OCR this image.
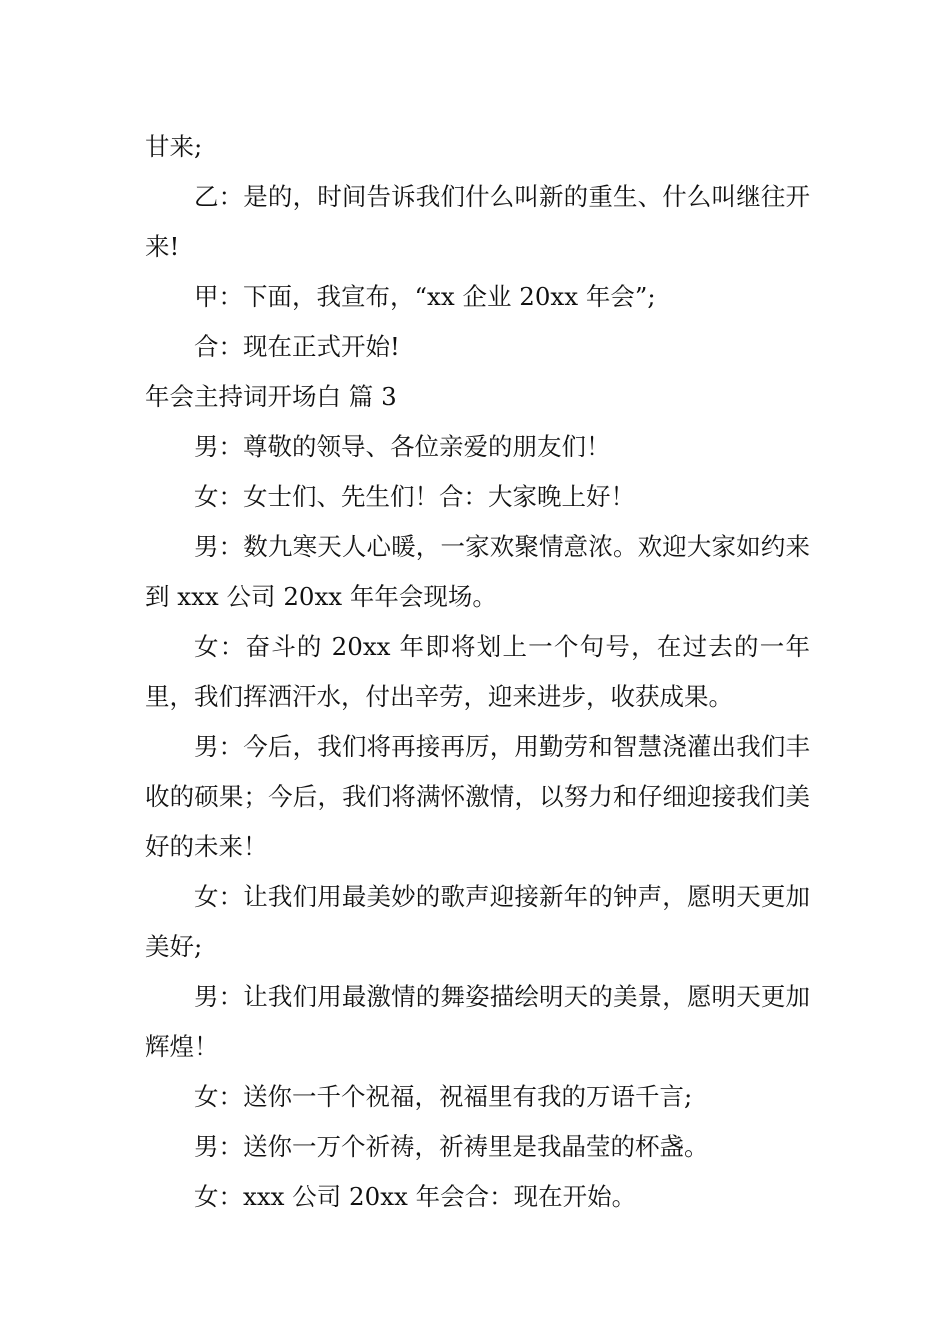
甘来;

乙：是的，时间告诉我们什么叫新的重生、什么叫继往开来!

甲：下面，我宣布，“xx 企业 20xx 年会”;

合：现在正式开始!

年会主持词开场白 篇 3

男：尊敬的领导、各位亲爱的朋友们！

女：女士们、先生们！合：大家晚上好！

男：数九寒天人心暖，一家欢聚情意浓。欢迎大家如约来到 xxx 公司 20xx 年年会现场。

女：奋斗的 20xx 年即将划上一个句号，在过去的一年里，我们挥洒汗水，付出辛劳，迎来进步，收获成果。

男：今后，我们将再接再厉，用勤劳和智慧浇灌出我们丰收的硕果；今后，我们将满怀激情，以努力和仔细迎接我们美好的未来！

女：让我们用最美妙的歌声迎接新年的钟声，愿明天更加美好;

男：让我们用最激情的舞姿描绘明天的美景，愿明天更加辉煌！

女：送你一千个祝福，祝福里有我的万语千言;

男：送你一万个祈祷，祈祷里是我晶莹的杯盏。

女：xxx 公司 20xx 年会合：现在开始。
